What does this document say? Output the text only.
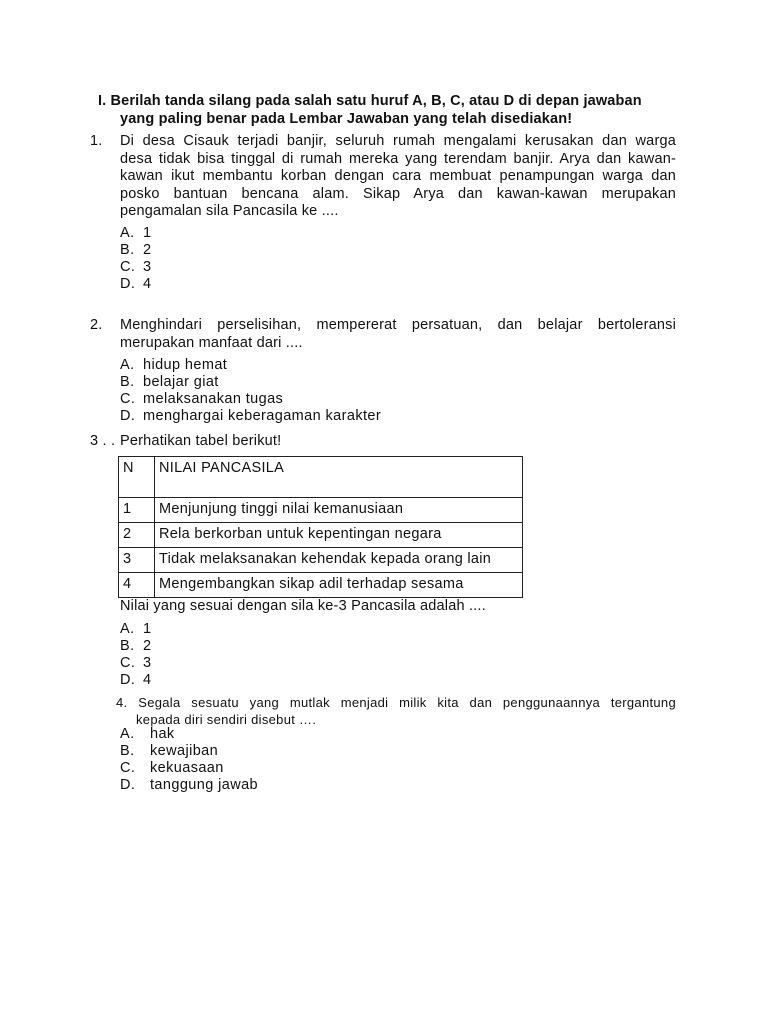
I. Berilah tanda silang pada salah satu huruf A, B, C, atau D di depan jawaban
yang paling benar pada Lembar Jawaban yang telah disediakan!
1. Di desa Cisauk terjadi banjir, seluruh rumah mengalami kerusakan dan warga
desa tidak bisa tinggal di rumah mereka yang terendam banjir. Arya dan kawan-
kawan ikut membantu korban dengan cara membuat penampungan warga dan
posko bantuan bencana alam. Sikap Arya dan kawan-kawan merupakan
pengamalan sila Pancasila ke ....
A. 1
B. 2
C. 3
D. 4
2. Menghindari perselisihan, mempererat persatuan, dan belajar bertoleransi
merupakan manfaat dari ....
A. hidup hemat
B. belajar giat
C. melaksanakan tugas
D. menghargai keberagaman karakter
3 . . Perhatikan tabel berikut!
N	NILAI PANCASILA
1	Menjunjung tinggi nilai kemanusiaan
2	Rela berkorban untuk kepentingan negara
3	Tidak melaksanakan kehendak kepada orang lain
4	Mengembangkan sikap adil terhadap sesama
Nilai yang sesuai dengan sila ke-3 Pancasila adalah ....
A. 1
B. 2
C. 3
D. 4
4. Segala sesuatu yang mutlak menjadi milik kita dan penggunaannya tergantung
kepada diri sendiri disebut ….
A. hak
B. kewajiban
C. kekuasaan
D. tanggung jawab
